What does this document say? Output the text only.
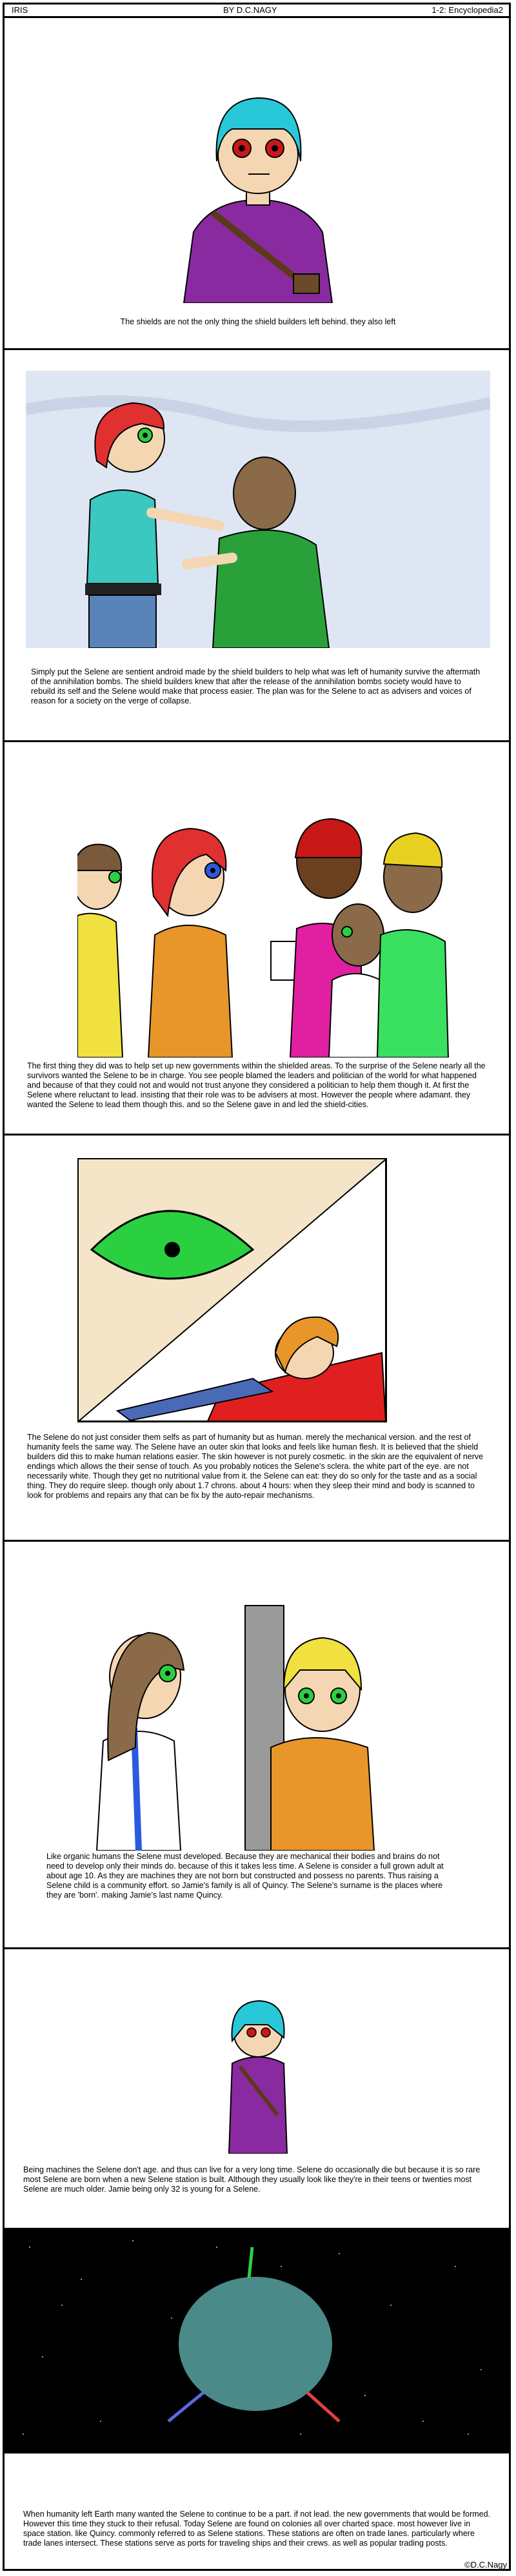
IRIS	BY D.C.NAGY	1-2: Encyclopedia2

The shields are not the only thing the shield builders left behind. they also left

Simply put the Selene are sentient android made by the shield builders to help what was left of humanity survive the aftermath of the annihilation bombs. The shield builders knew that after the release of the annihilation bombs society would have to rebuild its self and the Selene would make that process easier. The plan was for the Selene to act as advisers and voices of reason for a society on the verge of collapse.

The first thing they did was to help set up new governments within the shielded areas. To the surprise of the Selene nearly all the survivors wanted the Selene to be in charge. You see people blamed the leaders and politician of the world for what happened and because of that they could not and would not trust anyone they considered a politician to help them though it. At first the Selene where reluctant to lead. insisting that their role was to be advisers at most. However the people where adamant. they wanted the Selene to lead them though this. and so the Selene gave in and led the shield-cities.

The Selene do not just consider them selfs as part of humanity but as human. merely the mechanical version. and the rest of humanity feels the same way. The Selene have an outer skin that looks and feels like human flesh. It is believed that the shield builders did this to make human relations easier. The skin however is not purely cosmetic. in the skin are the equivalent of nerve endings which allows the their sense of touch. As you probably notices the Selene's sclera. the white part of the eye. are not necessarily white. Though they get no nutritional value from it. the Selene can eat: they do so only for the taste and as a social thing. They do require sleep. though only about 1.7 chrons. about 4 hours: when they sleep their mind and body is scanned to look for problems and repairs any that can be fix by the auto-repair mechanisms.

Like organic humans the Selene must developed. Because they are mechanical their bodies and brains do not need to develop only their minds do. because of this it takes less time. A Selene is consider a full grown adult at about age 10. As they are machines they are not born but constructed and possess no parents. Thus raising a Selene child is a community effort. so Jamie's family is all of Quincy. The Selene's surname is the places where they are 'born'. making Jamie's last name Quincy.

Being machines the Selene don't age. and thus can live for a very long time. Selene do occasionally die but because it is so rare most Selene are born when a new Selene station is built. Although they usually look like they're in their teens or twenties most Selene are much older. Jamie being only 32 is young for a Selene.

When humanity left Earth many wanted the Selene to continue to be a part. if not lead. the new governments that would be formed. However this time they stuck to their refusal. Today Selene are found on colonies all over charted space. most however live in space station. like Quincy. commonly referred to as Selene stations. These stations are often on trade lanes. particularly where trade lanes intersect. These stations serve as ports for traveling ships and their crews. as well as popular trading posts.

©D.C.Nagy
